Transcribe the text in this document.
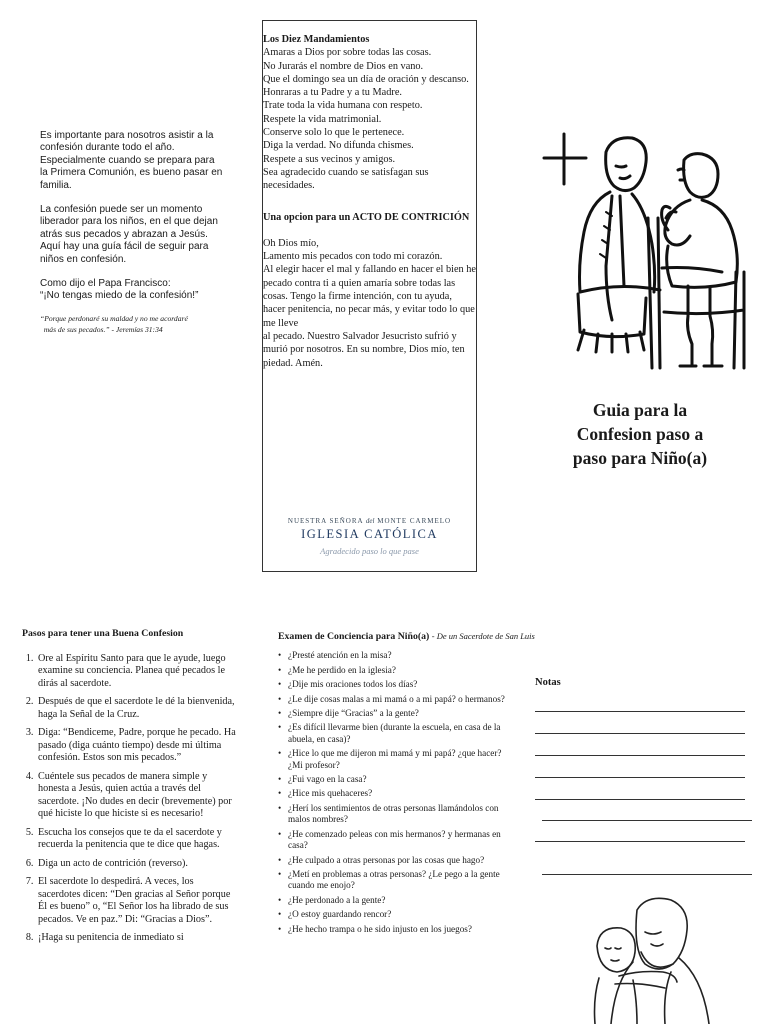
Es importante para nosotros asistir a la confesión durante todo el año. Especialmente cuando se prepara para la Primera Comunión, es bueno pasar en familia.

La confesión puede ser un momento liberador para los niños, en el que dejan atrás sus pecados y abrazan a Jesús. Aquí hay una guía fácil de seguir para niños en confesión.

Como dijo el Papa Francisco:
“¡No tengas miedo de la confesión!”

“Porque perdonaré su maldad y no me acordaré
más de sus pecados.” - Jeremías 31:34
Los Diez Mandamientos
Amaras a Dios por sobre todas las cosas.
No Jurarás el nombre de Dios en vano.
Que el domingo sea un día de oración y descanso.
Honraras a tu Padre y a tu Madre.
Trate toda la vida humana con respeto.
Respete la vida matrimonial.
Conserve solo lo que le pertenece.
Diga la verdad. No difunda chismes.
Respete a sus vecinos y amigos.
Sea agradecido cuando se satisfagan sus necesidades.
Una opcion para un ACTO DE CONTRICIÓN
Oh Dios mío,
Lamento mis pecados con todo mi corazón.
Al elegir hacer el mal y fallando en hacer el bien he pecado contra ti a quien amaría sobre todas las cosas. Tengo la firme intención, con tu ayuda, hacer penitencia, no pecar más, y evitar todo lo que me lleve
al pecado. Nuestro Salvador Jesucristo sufrió y murió por nosotros. En su nombre, Dios mío, ten piedad. Amén.
NUESTRA SEÑORA del MONTE CARMELO
IGLESIA CATÓLICA
Agradecido paso lo que pase
Guia para la
Confesion paso a
paso para Niño(a)
Pasos para tener una Buena Confesion
1. Ore al Espíritu Santo para que le ayude, luego examine su conciencia. Planea qué pecados le dirás al sacerdote.
2. Después de que el sacerdote le dé la bienvenida, haga la Señal de la Cruz.
3. Diga: “Bendiceme, Padre, porque he pecado. Ha pasado (diga cuánto tiempo) desde mi última confesión. Estos son mis pecados.”
4. Cuéntele sus pecados de manera simple y honesta a Jesús, quien actúa a través del sacerdote. ¡No dudes en decir (brevemente) por qué hiciste lo que hiciste si es necesario!
5. Escucha los consejos que te da el sacerdote y recuerda la penitencia que te dice que hagas.
6. Diga un acto de contrición (reverso).
7. El sacerdote lo despedirá. A veces, los sacerdotes dicen: “Den gracias al Señor porque Él es bueno” o, “El Señor los ha librado de sus pecados. Ve en paz.” Di: “Gracias a Dios”.
8. ¡Haga su penitencia de inmediato si
Examen de Conciencia para Niño(a) - De un Sacerdote de San Luis
• ¿Presté atención en la misa?
• ¿Me he perdido en la iglesia?
• ¿Dije mis oraciones todos los días?
• ¿Le dije cosas malas a mi mamá o a mi papá? o hermanos?
• ¿Siempre dije “Gracias” a la gente?
• ¿Es difícil llevarme bien (durante la escuela, en casa de la abuela, en casa)?
• ¿Hice lo que me dijeron mi mamá y mi papá? ¿que hacer? ¿Mi profesor?
• ¿Fui vago en la casa?
• ¿Hice mis quehaceres?
• ¿Herí los sentimientos de otras personas llamándolos con malos nombres?
• ¿He comenzado peleas con mis hermanos? y hermanas en casa?
• ¿He culpado a otras personas por las cosas que hago?
• ¿Metí en problemas a otras personas? ¿Le pego a la gente cuando me enojo?
• ¿He perdonado a la gente?
• ¿O estoy guardando rencor?
• ¿He hecho trampa o he sido injusto en los juegos?
Notas
